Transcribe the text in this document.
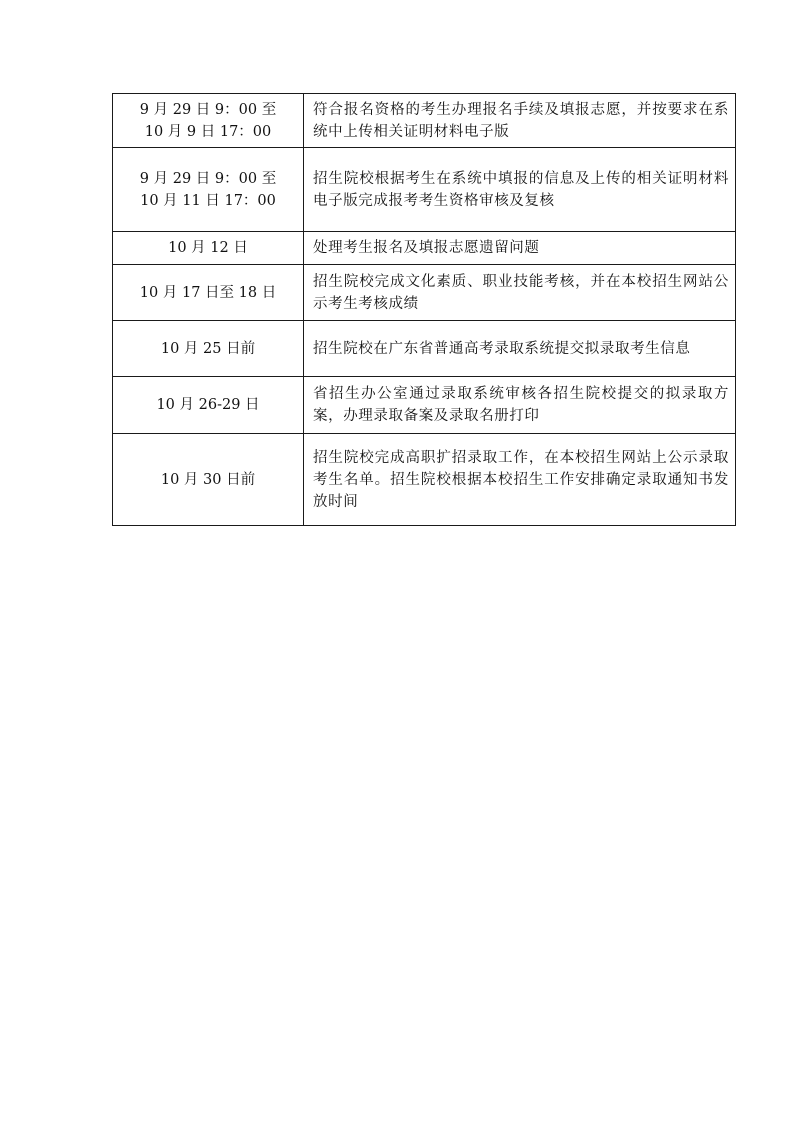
9 月 29 日 9：00 至
10 月 9 日 17：00	符合报名资格的考生办理报名手续及填报志愿，并按要求在系统中上传相关证明材料电子版
9 月 29 日 9：00 至
10 月 11 日 17：00	招生院校根据考生在系统中填报的信息及上传的相关证明材料电子版完成报考考生资格审核及复核
10 月 12 日	处理考生报名及填报志愿遗留问题
10 月 17 日至 18 日	招生院校完成文化素质、职业技能考核，并在本校招生网站公示考生考核成绩
10 月 25 日前	招生院校在广东省普通高考录取系统提交拟录取考生信息
10 月 26-29 日	省招生办公室通过录取系统审核各招生院校提交的拟录取方案，办理录取备案及录取名册打印
10 月 30 日前	招生院校完成高职扩招录取工作，在本校招生网站上公示录取考生名单。招生院校根据本校招生工作安排确定录取通知书发放时间
